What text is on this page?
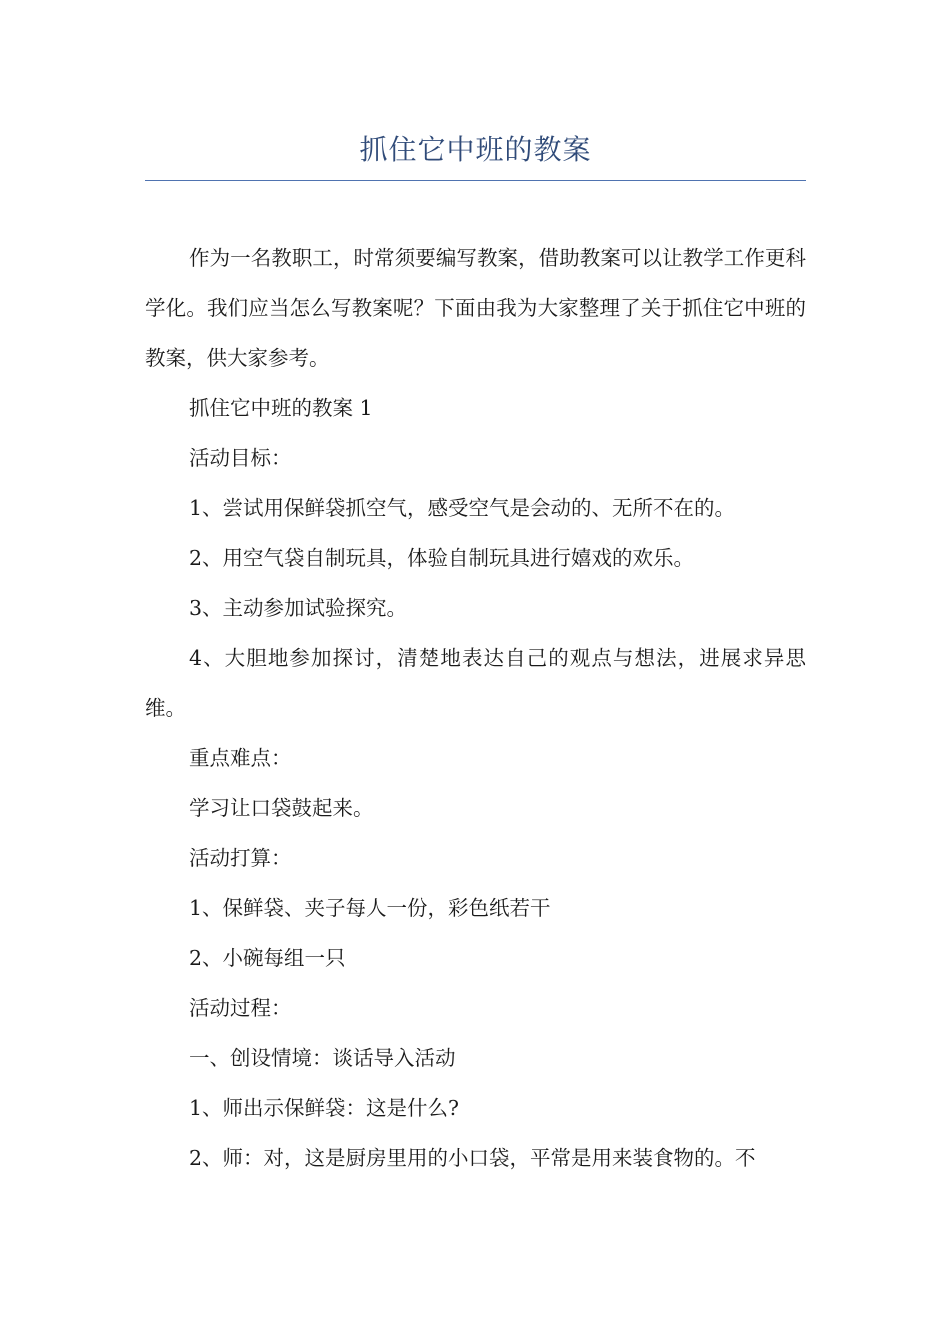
抓住它中班的教案

作为一名教职工，时常须要编写教案，借助教案可以让教学工作更科学化。我们应当怎么写教案呢？下面由我为大家整理了关于抓住它中班的教案，供大家参考。

抓住它中班的教案 1

活动目标：

1、尝试用保鲜袋抓空气，感受空气是会动的、无所不在的。

2、用空气袋自制玩具，体验自制玩具进行嬉戏的欢乐。

3、主动参加试验探究。

4、大胆地参加探讨，清楚地表达自己的观点与想法，进展求异思维。

重点难点：

学习让口袋鼓起来。

活动打算：

1、保鲜袋、夹子每人一份，彩色纸若干

2、小碗每组一只

活动过程：

一、创设情境：谈话导入活动

1、师出示保鲜袋：这是什么?

2、师：对，这是厨房里用的小口袋，平常是用来装食物的。不
